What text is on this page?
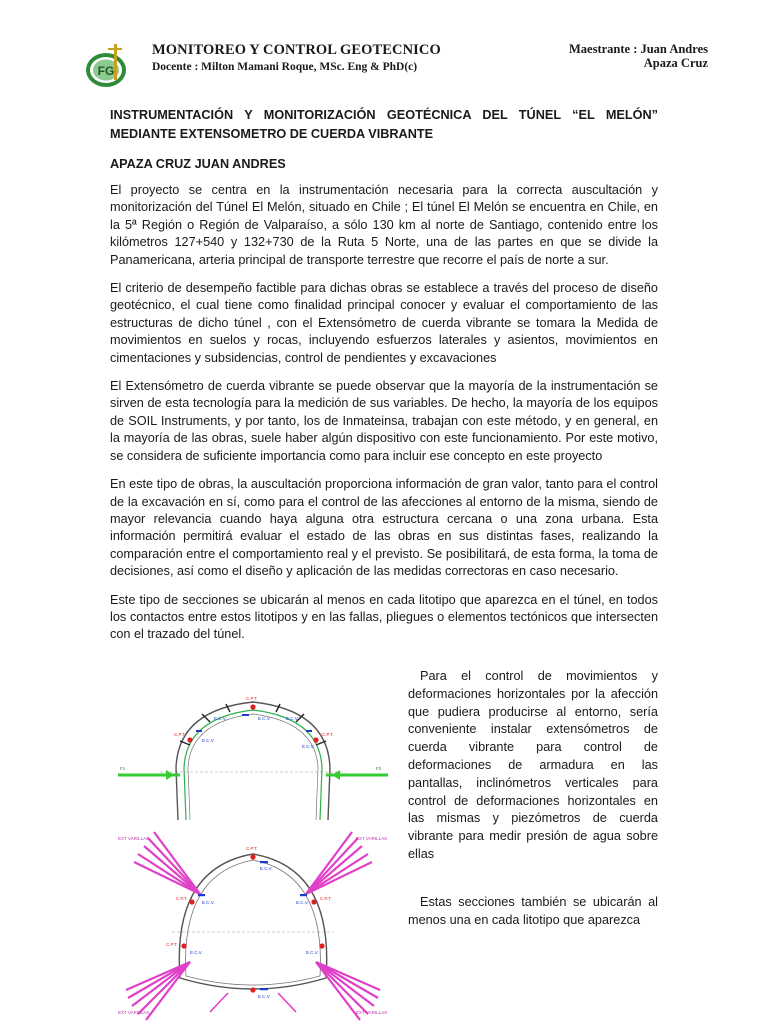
FG
MONITOREO Y CONTROL GEOTECNICO
Docente : Milton Mamani Roque, MSc. Eng & PhD(c)
Maestrante : Juan Andres
Apaza Cruz
INSTRUMENTACIÓN Y MONITORIZACIÓN GEOTÉCNICA DEL TÚNEL “EL MELÓN” MEDIANTE EXTENSOMETRO DE CUERDA VIBRANTE
APAZA CRUZ JUAN ANDRES

El proyecto se centra en la instrumentación necesaria para la correcta auscultación y monitorización del Túnel El Melón, situado en Chile ; El túnel El Melón se encuentra en Chile, en la 5ª Región o Región de Valparaíso, a sólo 130 km al norte de Santiago, contenido entre los kilómetros 127+540 y 132+730 de la Ruta 5 Norte, una de las partes en que se divide la Panamericana, arteria principal de transporte terrestre que recorre el país de norte a sur.

El criterio de desempeño factible para dichas obras se establece a través del proceso de diseño geotécnico, el cual tiene como finalidad principal conocer y evaluar el comportamiento de las estructuras de dicho túnel , con el Extensómetro de cuerda vibrante se tomara la Medida de movimientos en suelos y rocas, incluyendo esfuerzos laterales y asientos, movimientos en cimentaciones y subsidencias, control de pendientes y excavaciones

El Extensómetro de cuerda vibrante se puede observar que la mayoría de la instrumentación se sirven de esta tecnología para la medición de sus variables. De hecho, la mayoría de los equipos de SOIL Instruments, y por tanto, los de Inmateinsa, trabajan con este método, y en general, en la mayoría de las obras, suele haber algún dispositivo con este funcionamiento. Por este motivo, se considera de suficiente importancia como para incluir ese concepto en este proyecto

En este tipo de obras, la auscultación proporciona información de gran valor, tanto para el control de la excavación en sí, como para el control de las afecciones al entorno de la misma, siendo de mayor relevancia cuando haya alguna otra estructura cercana o una zona urbana. Esta información permitirá evaluar el estado de las obras en sus distintas fases, realizando la comparación entre el comportamiento real y el previsto. Se posibilitará, de esta forma, la toma de decisiones, así como el diseño y aplicación de las medidas correctoras en caso necesario.

Este tipo de secciones se ubicarán al menos en cada litotipo que aparezca en el túnel, en todos los contactos entre estos litotipos y en las fallas, pliegues o elementos tectónicos que intersecten con el trazado del túnel.

Para el control de movimientos y deformaciones horizontales por la afección que pudiera producirse al entorno, sería conveniente instalar extensómetros de cuerda vibrante para control de deformaciones de armadura en las pantallas, inclinómetros verticales para control de deformaciones horizontales en las mismas y piezómetros de cuerda vibrante para medir presión de agua sobre ellas

Estas secciones también se ubicarán al menos una en cada litotipo que aparezca

C.P.T.
C.P.T.
E.C.V.
E.C.V.
C.P.T.
E.C.V.
E.C.V.	E.C.V.
F1	F2
C.P.T.
E.C.V.
E.C.V.	E.C.V.
C.P.T.	C.P.T.
E.C.V.
C.P.T.
E.C.V.
E.C.V.
EXT VARILLAS	EXT VARILLAS
EXT VARILLAS	EXT VARILLAS
